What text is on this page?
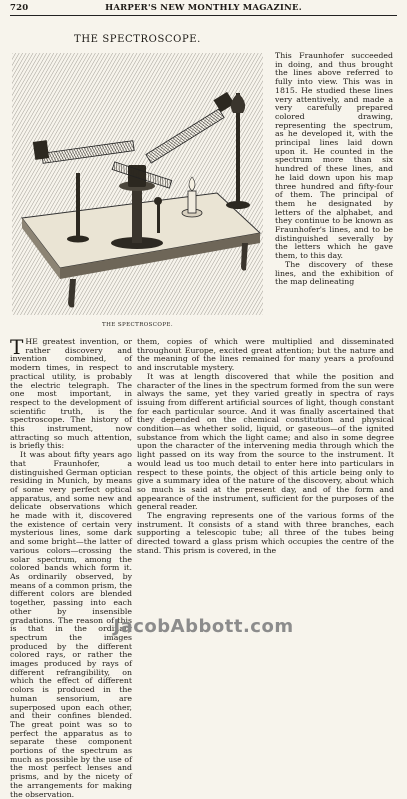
720	HARPER'S NEW MONTHLY MAGAZINE.
THE SPECTROSCOPE.
THE SPECTROSCOPE.

This Fraunhofer succeeded in doing, and thus brought the lines above referred to fully into view. This was in 1815. He studied these lines very attentively, and made a very carefully prepared colored drawing, representing the spectrum, as he developed it, with the principal lines laid down upon it. He counted in the spectrum more than six hundred of these lines, and he laid down upon his map three hundred and fifty-four of them. The principal of them he designated by letters of the alphabet, and they continue to be known as Fraunhofer's lines, and to be distinguished severally by the letters which he gave them, to this day.

The discovery of these lines, and the exhibition of the map delineating

THE greatest invention, or rather discovery and invention combined, of modern times, in respect to practical utility, is probably the electric telegraph. The one most important, in respect to the development of scientific truth, is the spectroscope. The history of this instrument, now attracting so much attention, is briefly this:

It was about fifty years ago that Fraunhofer, a distinguished German optician residing in Munich, by means of some very perfect optical apparatus, and some new and delicate observations which he made with it, discovered the existence of certain very mysterious lines, some dark and some bright—the latter of various colors—crossing the solar spectrum, among the colored bands which form it. As ordinarily observed, by means of a common prism, the different colors are blended together, passing into each other by insensible gradations. The reason of this is that in the ordinary spectrum the images produced by the different colored rays, or rather the images produced by rays of different refrangibility, on which the effect of different colors is produced in the human sensorium, are superposed upon each other, and their confines blended. The great point was so to perfect the apparatus as to separate these component portions of the spectrum as much as possible by the use of the most perfect lenses and prisms, and by the nicety of the arrangements for making the observation.

them, copies of which were multiplied and disseminated throughout Europe, excited great attention; but the nature and the meaning of the lines remained for many years a profound and inscrutable mystery.

It was at length discovered that while the position and character of the lines in the spectrum formed from the sun were always the same, yet they varied greatly in spectra of rays issuing from different artificial sources of light, though constant for each particular source. And it was finally ascertained that they depended on the chemical constitution and physical condition—as whether solid, liquid, or gaseous—of the ignited substance from which the light came; and also in some degree upon the character of the intervening media through which the light passed on its way from the source to the instrument. It would lead us too much detail to enter here into particulars in respect to these points, the object of this article being only to give a summary idea of the nature of the discovery, about which so much is said at the present day, and of the form and appearance of the instrument, sufficient for the purposes of the general reader.

The engraving represents one of the various forms of the instrument. It consists of a stand with three branches, each supporting a telescopic tube; all three of the tubes being directed toward a glass prism which occupies the centre of the stand. This prism is covered, in the

JacobAbbott.com
